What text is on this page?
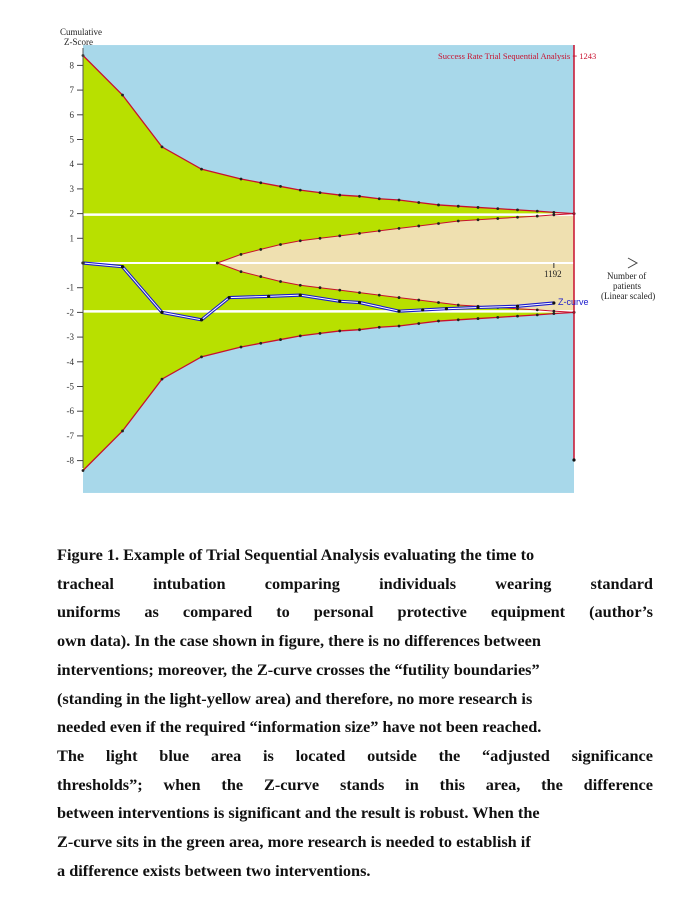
8
7
6
5
4
3
2
1
-1
-2
-3
-4
-5
-6
-7
-8
Cumulative
Z-Score
Number of
patients
(Linear scaled)
Success Rate Trial Sequential Analysis = 1243
1192
Z-curve
Figure 1. Example of Trial Sequential Analysis evaluating the time to
tracheal intubation comparing individuals wearing standard
uniforms as compared to personal protective equipment (author’s
own data). In the case shown in figure, there is no differences between
interventions; moreover, the Z-curve crosses the “futility boundaries”
(standing in the light-yellow area) and therefore, no more research is
needed even if the required “information size” have not been reached.
The light blue area is located outside the “adjusted significance
thresholds”; when the Z-curve stands in this area, the difference
between interventions is significant and the result is robust. When the
Z-curve sits in the green area, more research is needed to establish if
a difference exists between two interventions.
